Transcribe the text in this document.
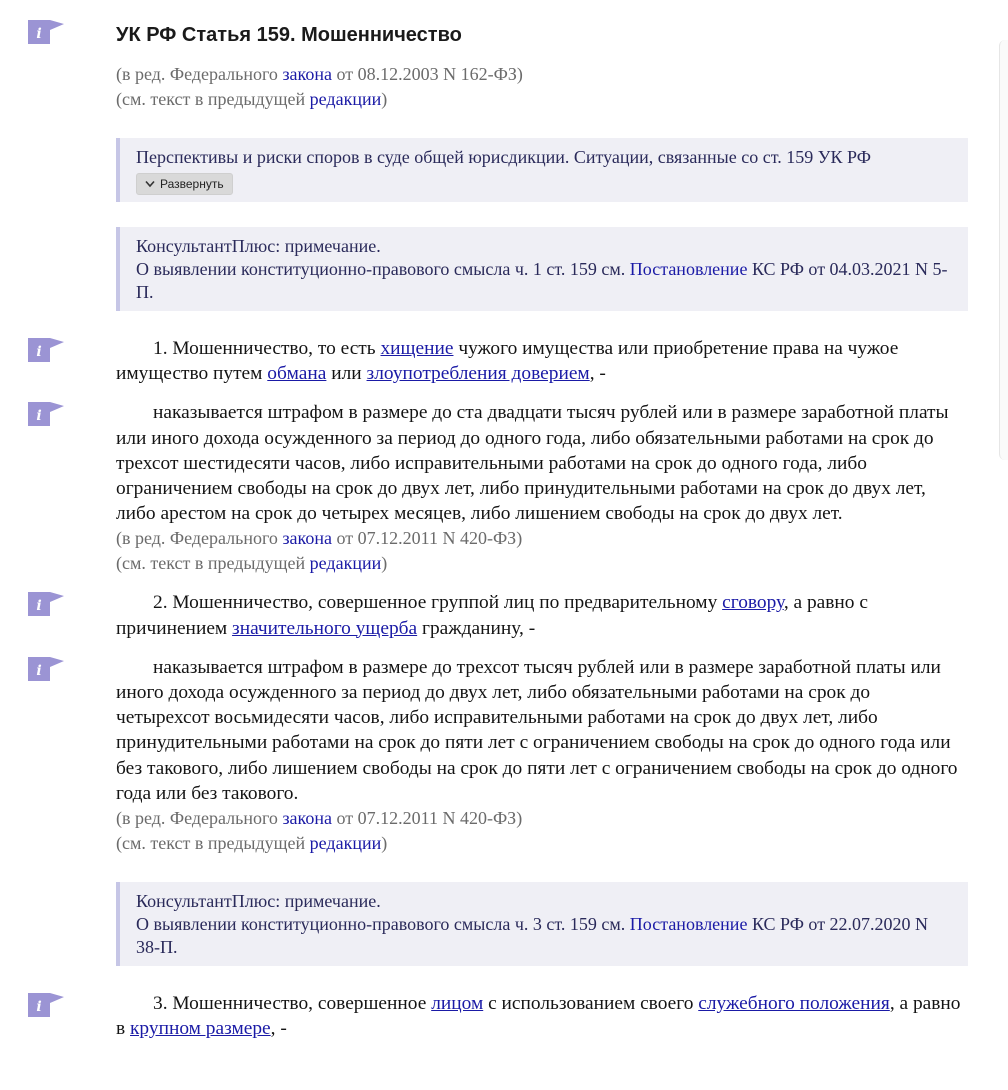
i	УК РФ Статья 159. Мошенничество
(в ред. Федерального закона от 08.12.2003 N 162-ФЗ)
(см. текст в предыдущей редакции)
Перспективы и риски споров в суде общей юрисдикции. Ситуации, связанные со ст. 159 УК РФ
Развернуть
КонсультантПлюс: примечание.
О выявлении конституционно-правового смысла ч. 1 ст. 159 см. Постановление КС РФ от 04.03.2021 N 5-П.
i	1. Мошенничество, то есть хищение чужого имущества или приобретение права на чужое имущество путем обмана или злоупотребления доверием, -
i	наказывается штрафом в размере до ста двадцати тысяч рублей или в размере заработной платы или иного дохода осужденного за период до одного года, либо обязательными работами на срок до трехсот шестидесяти часов, либо исправительными работами на срок до одного года, либо ограничением свободы на срок до двух лет, либо принудительными работами на срок до двух лет, либо арестом на срок до четырех месяцев, либо лишением свободы на срок до двух лет.
(в ред. Федерального закона от 07.12.2011 N 420-ФЗ)
(см. текст в предыдущей редакции)
i	2. Мошенничество, совершенное группой лиц по предварительному сговору, а равно с причинением значительного ущерба гражданину, -
i	наказывается штрафом в размере до трехсот тысяч рублей или в размере заработной платы или иного дохода осужденного за период до двух лет, либо обязательными работами на срок до четырехсот восьмидесяти часов, либо исправительными работами на срок до двух лет, либо принудительными работами на срок до пяти лет с ограничением свободы на срок до одного года или без такового, либо лишением свободы на срок до пяти лет с ограничением свободы на срок до одного года или без такового.
(в ред. Федерального закона от 07.12.2011 N 420-ФЗ)
(см. текст в предыдущей редакции)
КонсультантПлюс: примечание.
О выявлении конституционно-правового смысла ч. 3 ст. 159 см. Постановление КС РФ от 22.07.2020 N 38-П.
i	3. Мошенничество, совершенное лицом с использованием своего служебного положения, а равно в крупном размере, -
